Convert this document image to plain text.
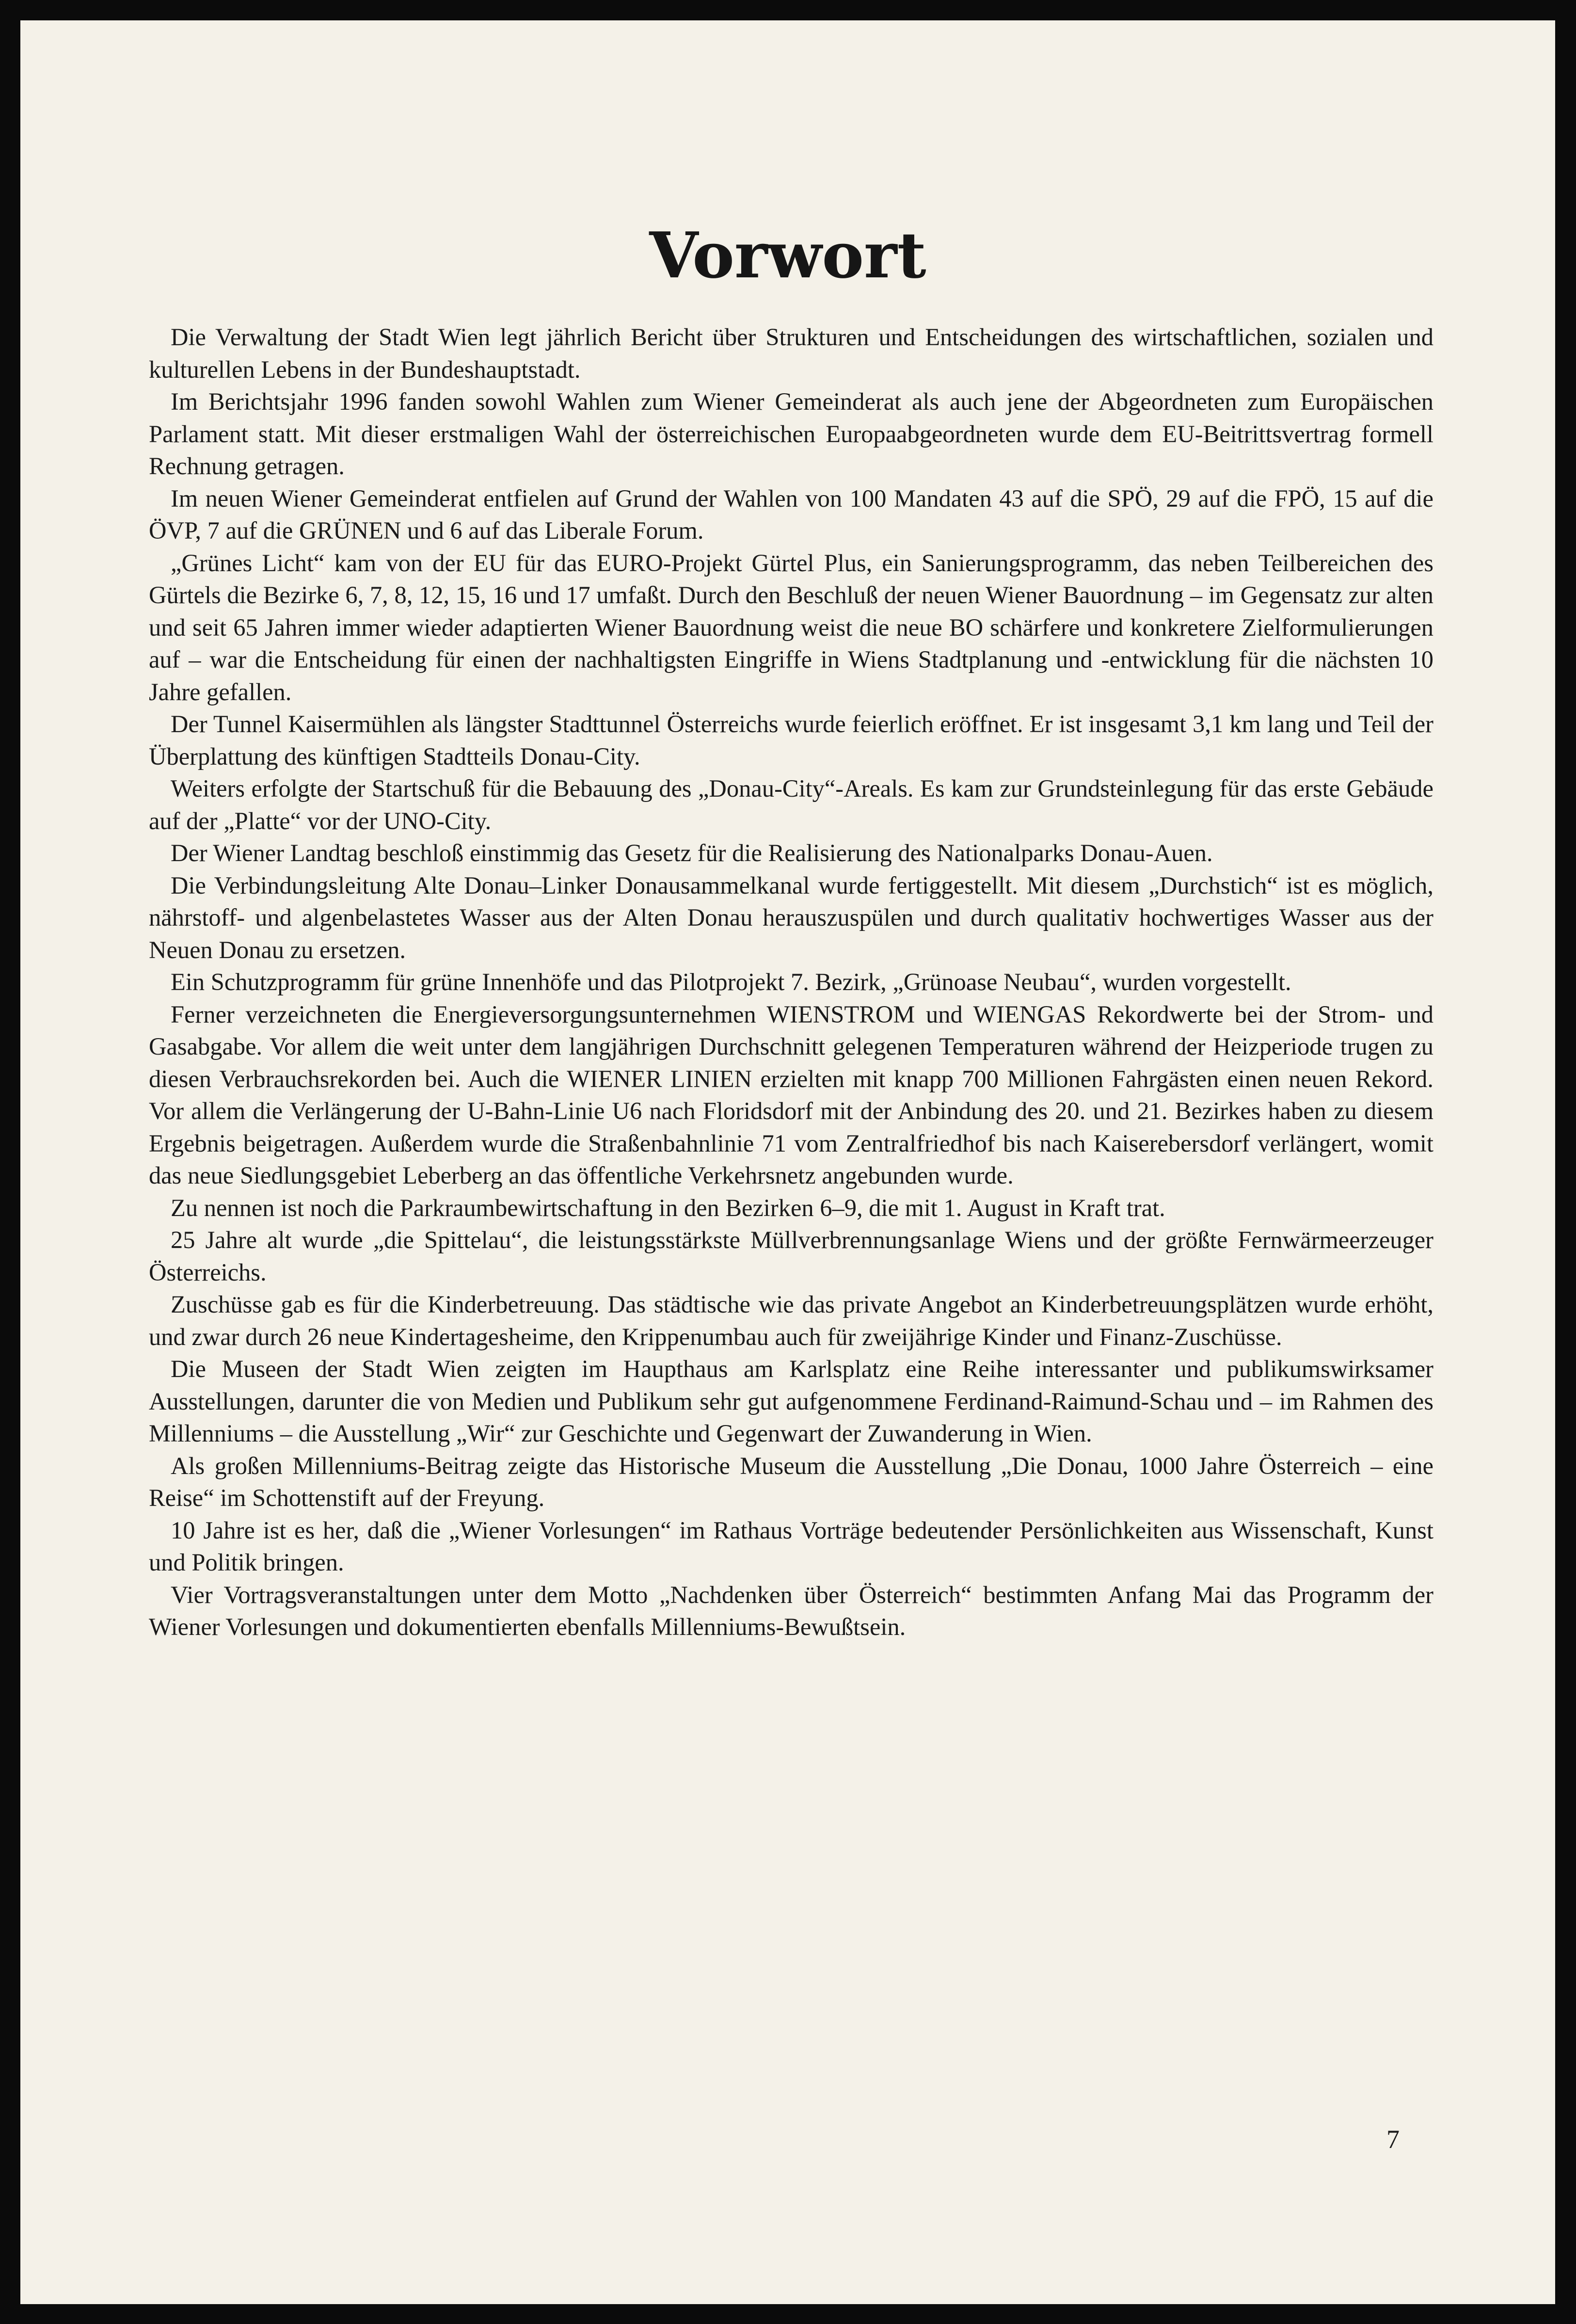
Vorwort

Die Verwaltung der Stadt Wien legt jährlich Bericht über Strukturen und Entscheidungen des wirtschaftlichen, sozialen und kulturellen Lebens in der Bundeshauptstadt.

Im Berichtsjahr 1996 fanden sowohl Wahlen zum Wiener Gemeinderat als auch jene der Abgeordneten zum Europäischen Parlament statt. Mit dieser erstmaligen Wahl der österreichischen Europaabgeordneten wurde dem EU-Beitrittsvertrag formell Rechnung getragen.

Im neuen Wiener Gemeinderat entfielen auf Grund der Wahlen von 100 Mandaten 43 auf die SPÖ, 29 auf die FPÖ, 15 auf die ÖVP, 7 auf die GRÜNEN und 6 auf das Liberale Forum.

„Grünes Licht“ kam von der EU für das EURO-Projekt Gürtel Plus, ein Sanierungsprogramm, das neben Teilbereichen des Gürtels die Bezirke 6, 7, 8, 12, 15, 16 und 17 umfaßt. Durch den Beschluß der neuen Wiener Bauordnung – im Gegensatz zur alten und seit 65 Jahren immer wieder adaptierten Wiener Bauordnung weist die neue BO schärfere und konkretere Zielformulierungen auf – war die Entscheidung für einen der nachhaltigsten Eingriffe in Wiens Stadtplanung und -entwicklung für die nächsten 10 Jahre gefallen.

Der Tunnel Kaisermühlen als längster Stadttunnel Österreichs wurde feierlich eröffnet. Er ist insgesamt 3,1 km lang und Teil der Überplattung des künftigen Stadtteils Donau-City.

Weiters erfolgte der Startschuß für die Bebauung des „Donau-City“-Areals. Es kam zur Grundsteinlegung für das erste Gebäude auf der „Platte“ vor der UNO-City.

Der Wiener Landtag beschloß einstimmig das Gesetz für die Realisierung des Nationalparks Donau-Auen.

Die Verbindungsleitung Alte Donau–Linker Donausammelkanal wurde fertiggestellt. Mit diesem „Durchstich“ ist es möglich, nährstoff- und algenbelastetes Wasser aus der Alten Donau herauszuspülen und durch qualitativ hochwertiges Wasser aus der Neuen Donau zu ersetzen.

Ein Schutzprogramm für grüne Innenhöfe und das Pilotprojekt 7. Bezirk, „Grünoase Neubau“, wurden vorgestellt.

Ferner verzeichneten die Energieversorgungsunternehmen WIENSTROM und WIENGAS Rekordwerte bei der Strom- und Gasabgabe. Vor allem die weit unter dem langjährigen Durchschnitt gelegenen Temperaturen während der Heizperiode trugen zu diesen Verbrauchsrekorden bei. Auch die WIENER LINIEN erzielten mit knapp 700 Millionen Fahrgästen einen neuen Rekord. Vor allem die Verlängerung der U-Bahn-Linie U6 nach Floridsdorf mit der Anbindung des 20. und 21. Bezirkes haben zu diesem Ergebnis beigetragen. Außerdem wurde die Straßenbahnlinie 71 vom Zentralfriedhof bis nach Kaiserebersdorf verlängert, womit das neue Siedlungsgebiet Leberberg an das öffentliche Verkehrsnetz angebunden wurde.

Zu nennen ist noch die Parkraumbewirtschaftung in den Bezirken 6–9, die mit 1. August in Kraft trat.

25 Jahre alt wurde „die Spittelau“, die leistungsstärkste Müllverbrennungsanlage Wiens und der größte Fernwärmeerzeuger Österreichs.

Zuschüsse gab es für die Kinderbetreuung. Das städtische wie das private Angebot an Kinderbetreuungsplätzen wurde erhöht, und zwar durch 26 neue Kindertagesheime, den Krippenumbau auch für zweijährige Kinder und Finanz-Zuschüsse.

Die Museen der Stadt Wien zeigten im Haupthaus am Karlsplatz eine Reihe interessanter und publikumswirksamer Ausstellungen, darunter die von Medien und Publikum sehr gut aufgenommene Ferdinand-Raimund-Schau und – im Rahmen des Millenniums – die Ausstellung „Wir“ zur Geschichte und Gegenwart der Zuwanderung in Wien.

Als großen Millenniums-Beitrag zeigte das Historische Museum die Ausstellung „Die Donau, 1000 Jahre Österreich – eine Reise“ im Schottenstift auf der Freyung.

10 Jahre ist es her, daß die „Wiener Vorlesungen“ im Rathaus Vorträge bedeutender Persönlichkeiten aus Wissenschaft, Kunst und Politik bringen.

Vier Vortragsveranstaltungen unter dem Motto „Nachdenken über Österreich“ bestimmten Anfang Mai das Programm der Wiener Vorlesungen und dokumentierten ebenfalls Millenniums-Bewußtsein.

7
